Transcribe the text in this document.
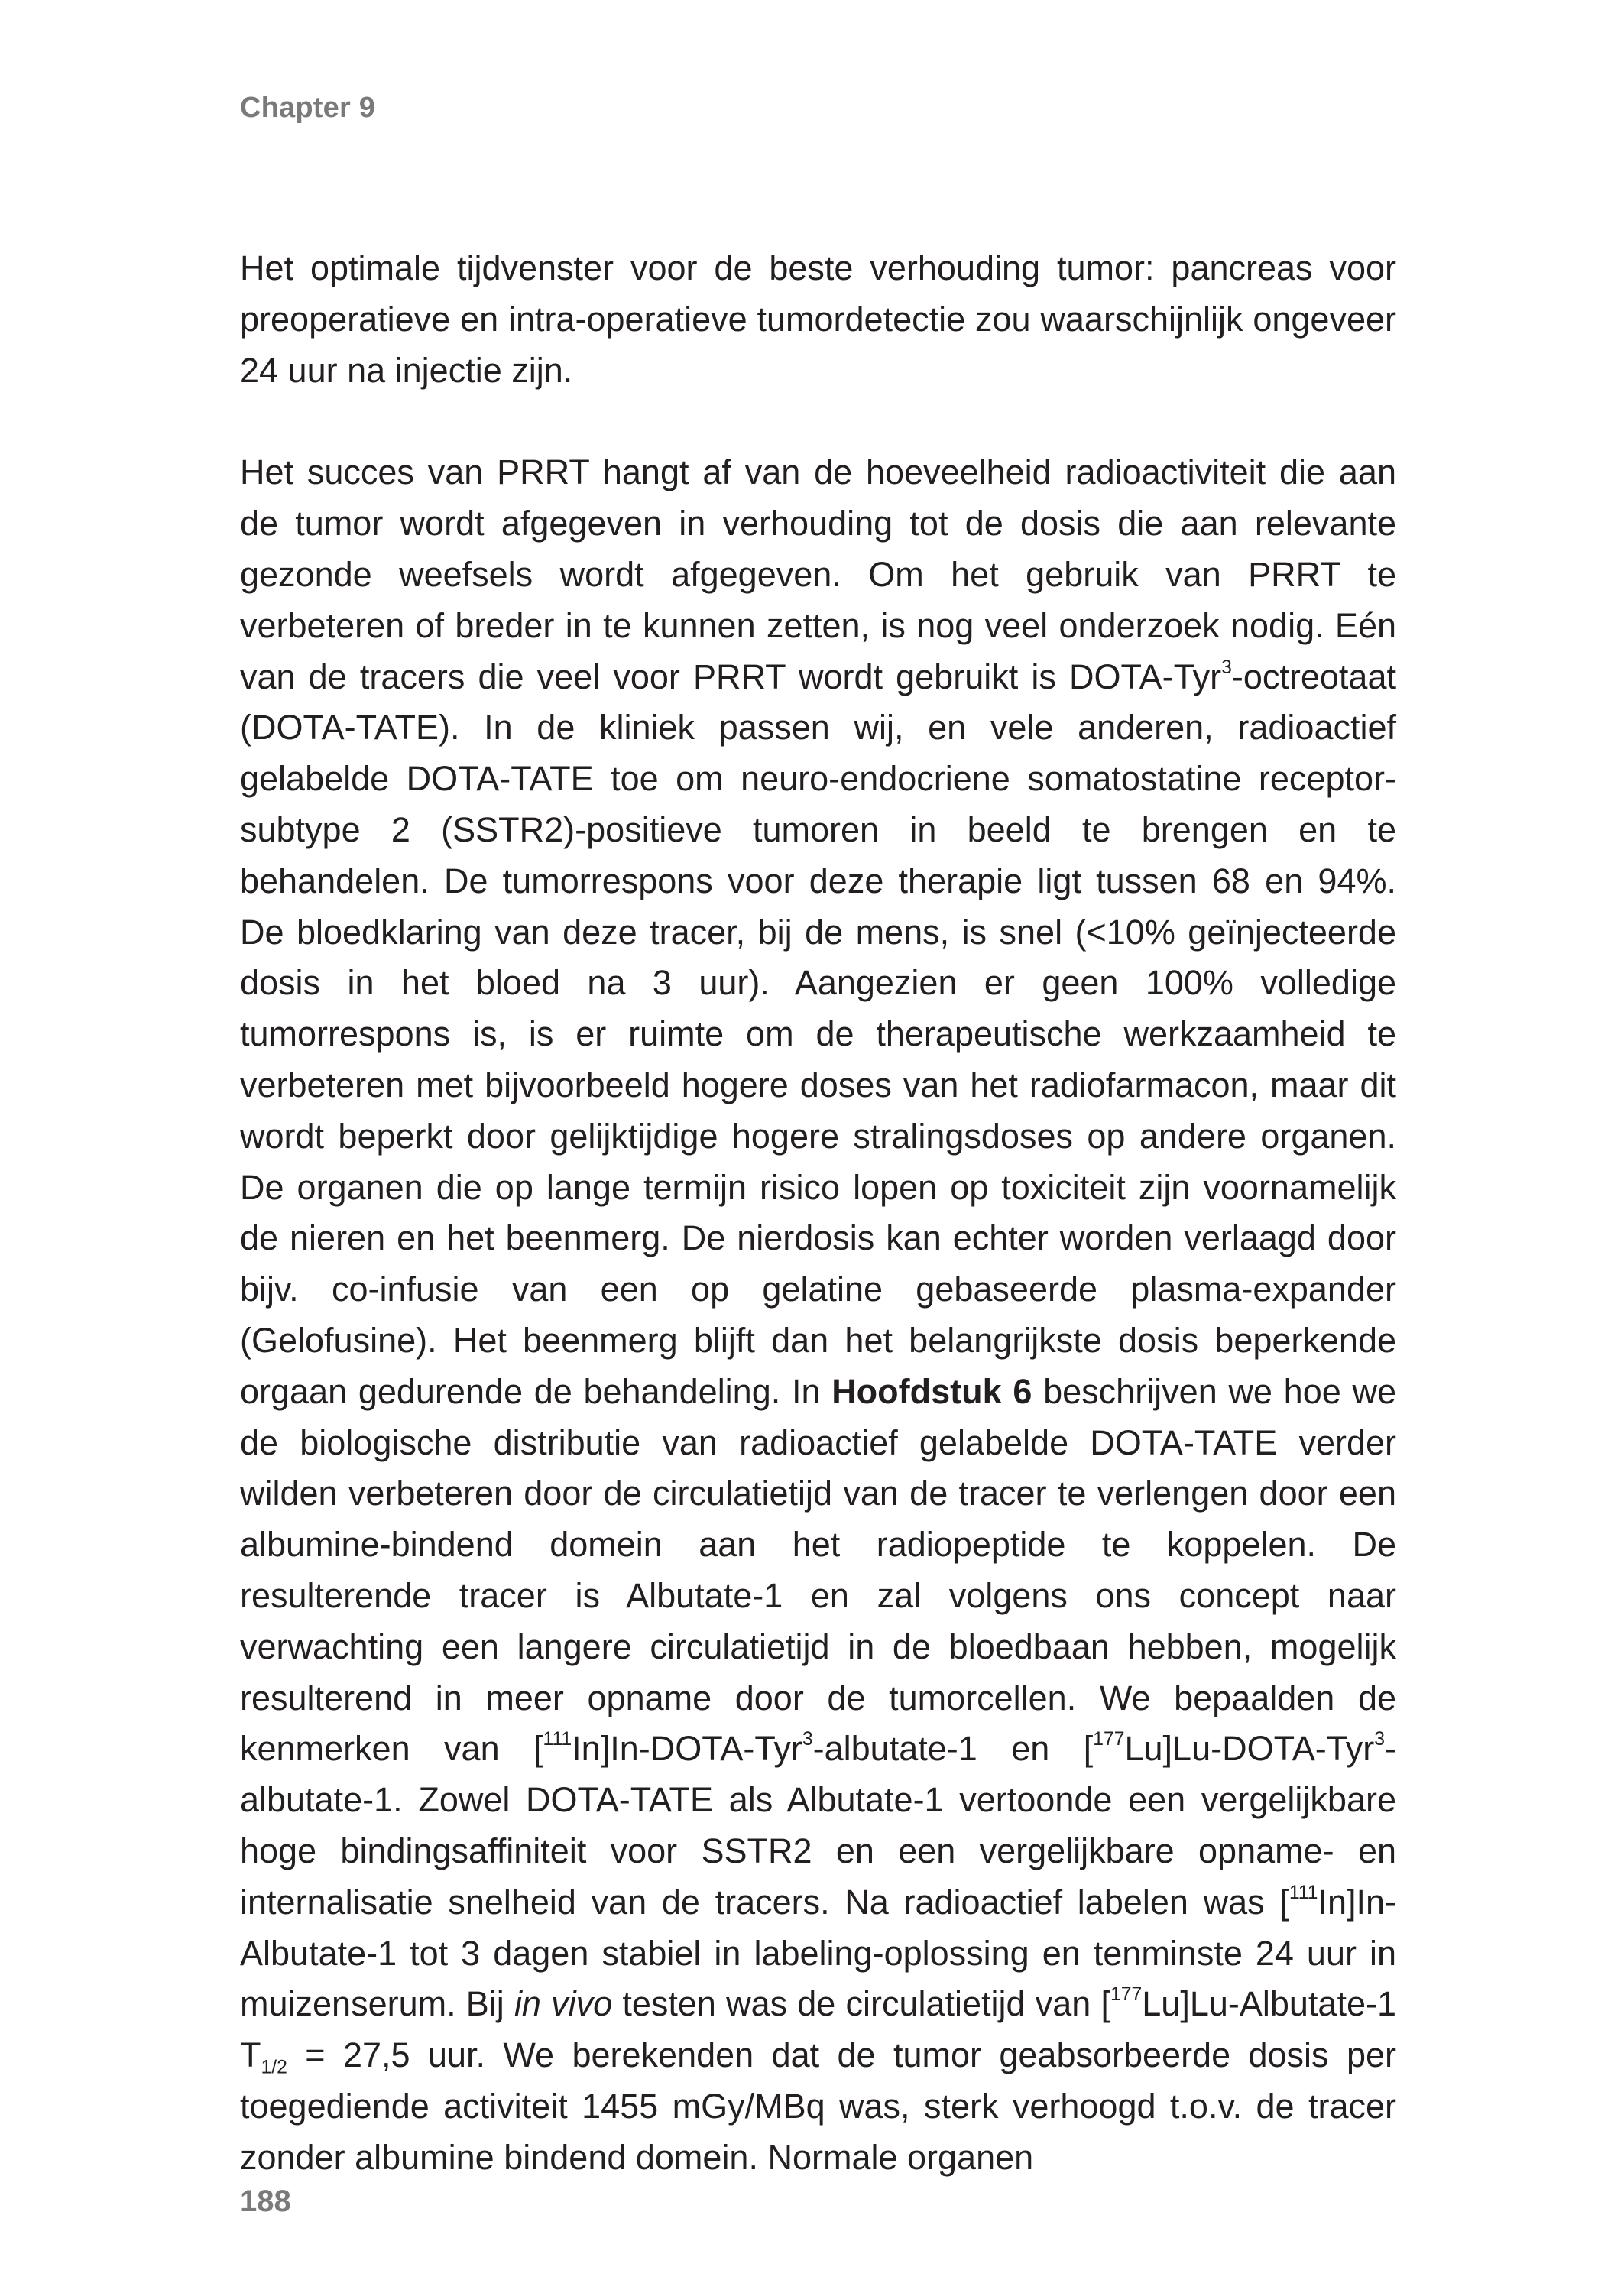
Chapter 9

Het optimale tijdvenster voor de beste verhouding tumor: pancreas voor preoperatieve en intra-operatieve tumordetectie zou waarschijnlijk ongeveer 24 uur na injectie zijn.

Het succes van PRRT hangt af van de hoeveelheid radioactiviteit die aan de tumor wordt afgegeven in verhouding tot de dosis die aan relevante gezonde weefsels wordt afgegeven. Om het gebruik van PRRT te verbeteren of breder in te kunnen zetten, is nog veel onderzoek nodig. Eén van de tracers die veel voor PRRT wordt gebruikt is DOTA-Tyr$^3$-octreotaat (DOTA-TATE). In de kliniek passen wij, en vele anderen, radioactief gelabelde DOTA-TATE toe om neuro-endocriene somatostatine receptor-subtype 2 (SSTR2)-positieve tumoren in beeld te brengen en te behandelen. De tumorrespons voor deze therapie ligt tussen 68 en 94%. De bloedklaring van deze tracer, bij de mens, is snel (<10% geïnjecteerde dosis in het bloed na 3 uur). Aangezien er geen 100% volledige tumorrespons is, is er ruimte om de therapeutische werkzaamheid te verbeteren met bijvoorbeeld hogere doses van het radiofarmacon, maar dit wordt beperkt door gelijktijdige hogere stralingsdoses op andere organen. De organen die op lange termijn risico lopen op toxiciteit zijn voornamelijk de nieren en het beenmerg. De nierdosis kan echter worden verlaagd door bijv. co-infusie van een op gelatine gebaseerde plasma-expander (Gelofusine). Het beenmerg blijft dan het belangrijkste dosis beperkende orgaan gedurende de behandeling. In Hoofdstuk 6 beschrijven we hoe we de biologische distributie van radioactief gelabelde DOTA-TATE verder wilden verbeteren door de circulatietijd van de tracer te verlengen door een albumine-bindend domein aan het radiopeptide te koppelen. De resulterende tracer is Albutate-1 en zal volgens ons concept naar verwachting een langere circulatietijd in de bloedbaan hebben, mogelijk resulterend in meer opname door de tumorcellen. We bepaalden de kenmerken van [$^{111}$In]In-DOTA-Tyr$^3$-albutate-1 en [$^{177}$Lu]Lu-DOTA-Tyr$^3$-albutate-1. Zowel DOTA-TATE als Albutate-1 vertoonde een vergelijkbare hoge bindingsaffiniteit voor SSTR2 en een vergelijkbare opname- en internalisatie snelheid van de tracers. Na radioactief labelen was [$^{111}$In]In-Albutate-1 tot 3 dagen stabiel in labeling-oplossing en tenminste 24 uur in muizenserum. Bij in vivo testen was de circulatietijd van [$^{177}$Lu]Lu-Albutate-1 $T_{1/2} = 27,5$ uur. We berekenden dat de tumor geabsorbeerde dosis per toegediende activiteit 1455 mGy/MBq was, sterk verhoogd t.o.v. de tracer zonder albumine bindend domein. Normale organen

188
